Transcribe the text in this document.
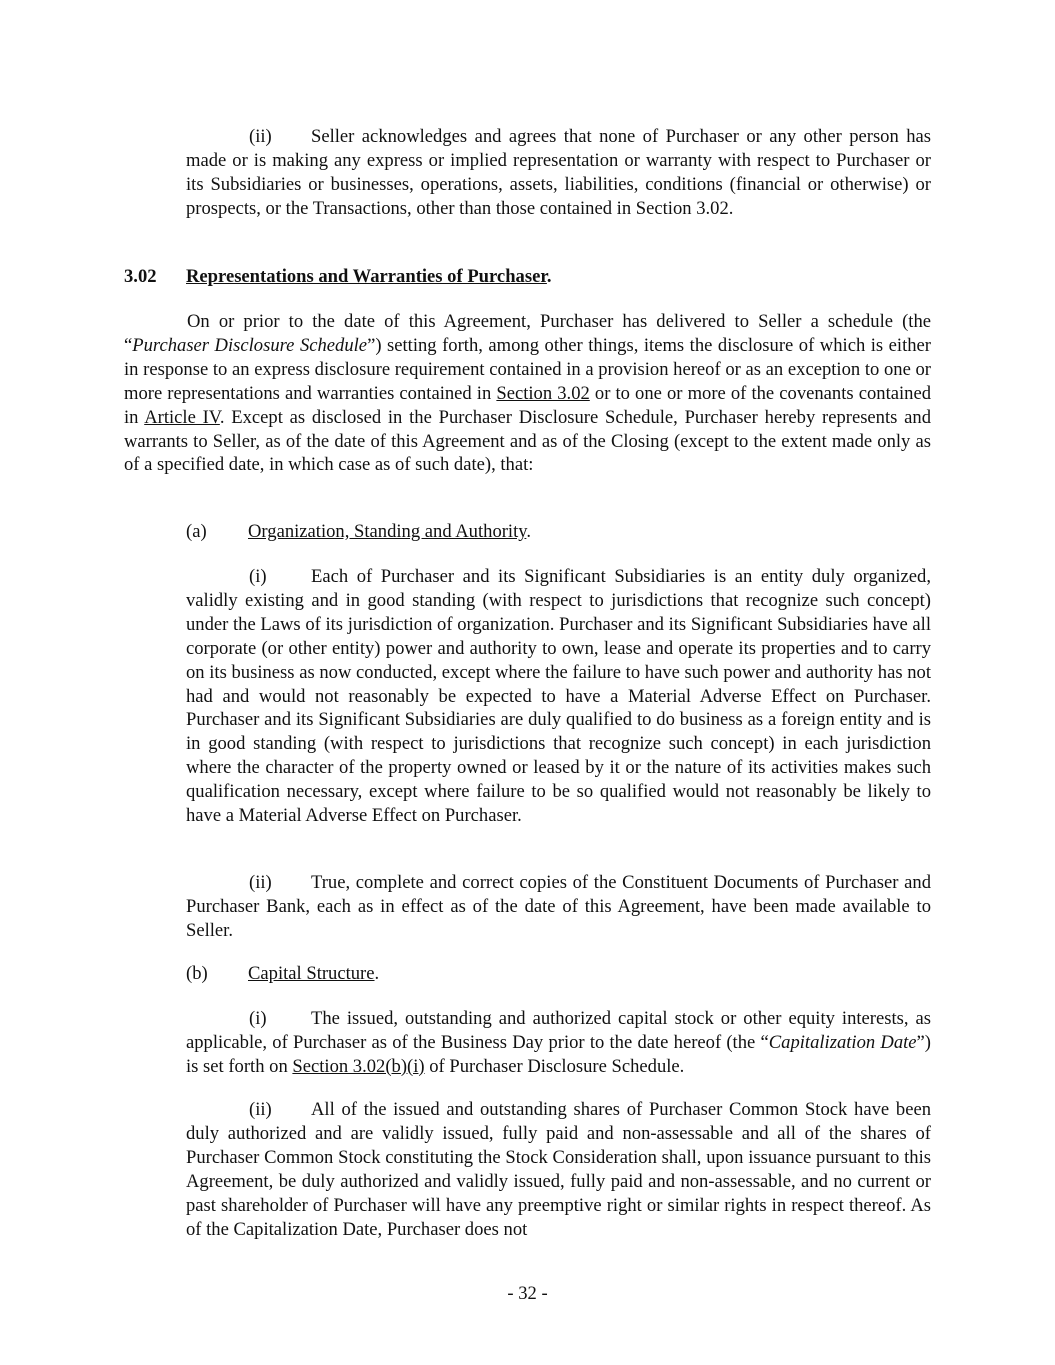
(ii) Seller acknowledges and agrees that none of Purchaser or any other person has made or is making any express or implied representation or warranty with respect to Purchaser or its Subsidiaries or businesses, operations, assets, liabilities, conditions (financial or otherwise) or prospects, or the Transactions, other than those contained in Section 3.02.

3.02 Representations and Warranties of Purchaser.

On or prior to the date of this Agreement, Purchaser has delivered to Seller a schedule (the “Purchaser Disclosure Schedule”) setting forth, among other things, items the disclosure of which is either in response to an express disclosure requirement contained in a provision hereof or as an exception to one or more representations and warranties contained in Section 3.02 or to one or more of the covenants contained in Article IV. Except as disclosed in the Purchaser Disclosure Schedule, Purchaser hereby represents and warrants to Seller, as of the date of this Agreement and as of the Closing (except to the extent made only as of a specified date, in which case as of such date), that:

(a) Organization, Standing and Authority.

(i) Each of Purchaser and its Significant Subsidiaries is an entity duly organized, validly existing and in good standing (with respect to jurisdictions that recognize such concept) under the Laws of its jurisdiction of organization. Purchaser and its Significant Subsidiaries have all corporate (or other entity) power and authority to own, lease and operate its properties and to carry on its business as now conducted, except where the failure to have such power and authority has not had and would not reasonably be expected to have a Material Adverse Effect on Purchaser. Purchaser and its Significant Subsidiaries are duly qualified to do business as a foreign entity and is in good standing (with respect to jurisdictions that recognize such concept) in each jurisdiction where the character of the property owned or leased by it or the nature of its activities makes such qualification necessary, except where failure to be so qualified would not reasonably be likely to have a Material Adverse Effect on Purchaser.

(ii) True, complete and correct copies of the Constituent Documents of Purchaser and Purchaser Bank, each as in effect as of the date of this Agreement, have been made available to Seller.

(b) Capital Structure.

(i) The issued, outstanding and authorized capital stock or other equity interests, as applicable, of Purchaser as of the Business Day prior to the date hereof (the “Capitalization Date”) is set forth on Section 3.02(b)(i) of Purchaser Disclosure Schedule.

(ii) All of the issued and outstanding shares of Purchaser Common Stock have been duly authorized and are validly issued, fully paid and non-assessable and all of the shares of Purchaser Common Stock constituting the Stock Consideration shall, upon issuance pursuant to this Agreement, be duly authorized and validly issued, fully paid and non-assessable, and no current or past shareholder of Purchaser will have any preemptive right or similar rights in respect thereof. As of the Capitalization Date, Purchaser does not

- 32 -
